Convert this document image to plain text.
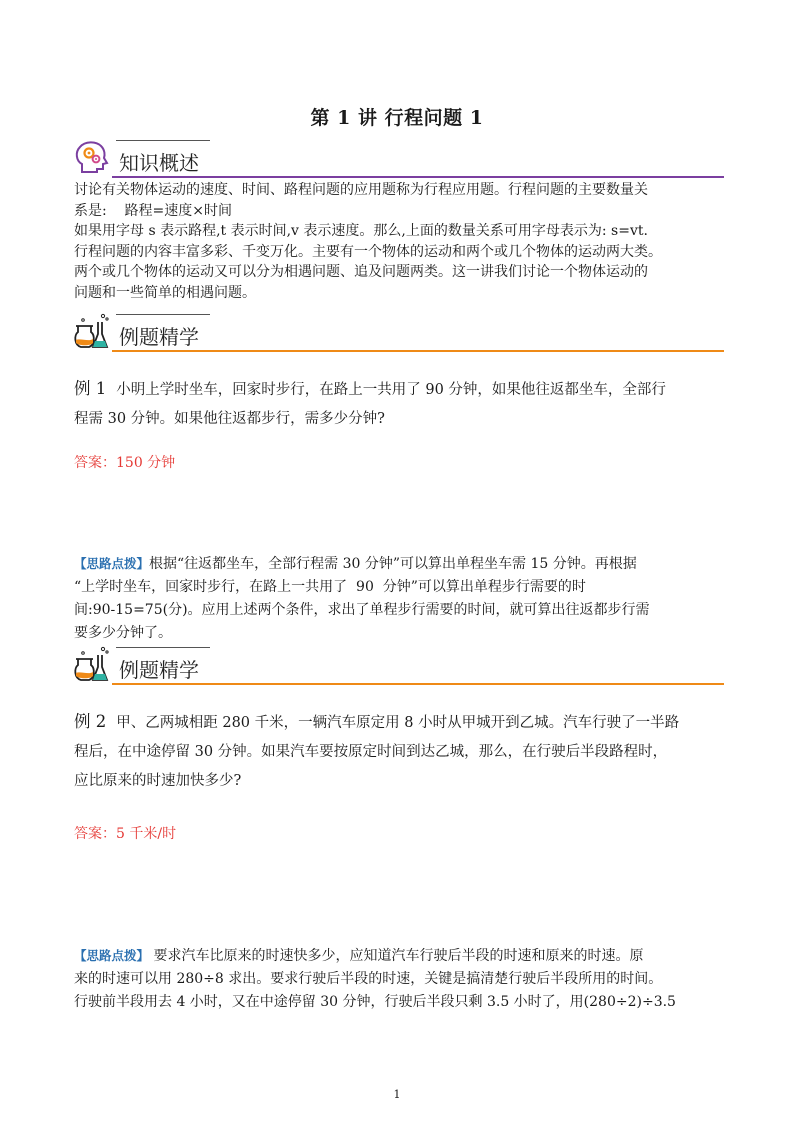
第 1 讲 行程问题 1
知识概述

讨论有关物体运动的速度、时间、路程问题的应用题称为行程应用题。行程问题的主要数量关

系是:    路程=速度×时间

如果用字母 s 表示路程,t 表示时间,v 表示速度。那么,上面的数量关系可用字母表示为: s=vt.

行程问题的内容丰富多彩、千变万化。主要有一个物体的运动和两个或几个物体的运动两大类。

两个或几个物体的运动又可以分为相遇问题、追及问题两类。这一讲我们讨论一个物体运动的

问题和一些简单的相遇问题。

例题精学
例 1 小明上学时坐车，回家时步行，在路上一共用了 90 分钟，如果他往返都坐车，全部行
程需 30 分钟。如果他往返都步行，需多少分钟?
答案：150 分钟
【思路点拨】根据“往返都坐车，全部行程需 30 分钟”可以算出单程坐车需 15 分钟。再根据
“上学时坐车，回家时步行，在路上一共用了  90  分钟”可以算出单程步行需要的时
间:90-15=75(分)。应用上述两个条件，求出了单程步行需要的时间，就可算出往返都步行需
要多少分钟了。
例题精学
例 2 甲、乙两城相距 280 千米，一辆汽车原定用 8 小时从甲城开到乙城。汽车行驶了一半路
程后，在中途停留 30 分钟。如果汽车要按原定时间到达乙城，那么，在行驶后半段路程时，
应比原来的时速加快多少?
答案：5 千米/时
【思路点拨】 要求汽车比原来的时速快多少，应知道汽车行驶后半段的时速和原来的时速。原
来的时速可以用 280÷8 求出。要求行驶后半段的时速，关键是搞清楚行驶后半段所用的时间。
行驶前半段用去 4 小时，又在中途停留 30 分钟，行驶后半段只剩 3.5 小时了，用(280÷2)÷3.5
1
